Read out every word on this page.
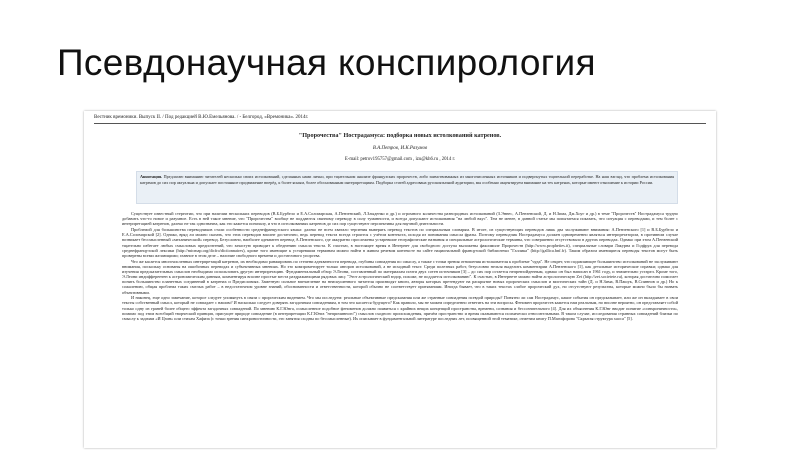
Псевдонаучная конспирология
Вестник времоники. Выпуск II. / Под редакцией В.Ю.Емельянова. / - Белгород, «Времоника». 2014г.
"Пророчества" Нострадамуса: подборка новых истолкований катренов.
В.А.Петров, И.К.Разумов
E-mail: petrov195757@gmail.com , izu@kh6.ru , 2014 г.
Аннотация. Предлагаю вниманию читателей несколько своих истолкований, сделанных нами лично, при тщательном анализе французских пророчеств, либо заимствованных из многочисленных источников и подвергнутых тщательной переработке. На наш взгляд, что проблема истолкования катренов до сих пор актуальна и допускает постоянное продвижение вперёд, к более ясным, более обоснованным интерпретациям. Подборка статей адресована русскоязычной аудитории, мы особенно акцентируем внимание на тех катренах, которые имеют отношение к истории России.

Существует известный стереотип, что при наличии нескольких переводов (В.Б.Бурбело и Е.А.Соломарская, А.Пензенский, Л.Злыденко и др.) и огромного количества разнородных истолкований (З.Эннес, А.Пензенский, Д. и Н.Зима, Дж.Хоуг и др.) в теме "Пророчеств" Нострадамуса трудно добавить что-то новое и разумное. Есть в ней такое мнение, что "Пророчества" вообще не поддаются связному переводу в силу туманности, и всегда допускают истолкования "на любой вкус". Тем не менее, в данной статье мы попытаемся показать, что ситуация с переводами, и тем более с интерпретацией катренов, далеко не так однозначна, как это кажется поначалу, и что в истолкованиях катренов до сих пор существуют перспективы для научной деятельности.

Проблемой для большинства переводчиков стали особенности среднефранцузского языка: далеко не всем хватало терпения выверять перевод текстов по специальным словарям. В итоге, из существующих переводов лишь два заслуживают внимания: А.Пензенского [1] и В.Б.Бурбело и Е.А.Соломарской [2]. Однако, вряд ли можно сказать, что этих переводов вполне достаточно, ведь перевод текста всегда строится с учётом контекста, исходя из понимания смысла фразы. Поэтому переводчик Нострадамуса должен одновременно являться интерпретатором, в противном случае возникает бессмысленный «механический» перевод. Безусловно, наиболее адекватен перевод А.Пензенского, где аккуратно прослежены устаревшие географические названия и специальные астрологические термины, что совершенно отсутствовало в других переводах. Однако при этом А.Пензенский тщательно избегает любых смысловых предпочтений, что зачастую приводит к обеднению смысла текста. К счастью, в настоящее время в Интернет для свободного доступа выложены факсимиле Пророчеств (http://www.propheties.it), специальные словари Лакурна и Годфруа для перевода среднефранцузской лексики (http://micmap.org/dicfro/dictionnaires), кроме того имеющие к устаревшим терминам можно найти в живом речевом контексте на сайте национальной французской библиотеки "Галлика" (http://gallica.bnf.fr). Таким образом имеющиеся переводы текстов могут быть проверены всеми желающими; главное в этом деле – наличие свободного времени и достаточного упорства.

Что же касается многочисленных интерпретаций катренов, их необходимо ранжировать по степени адекватности перевода, глубины совпадения по смыслу, а также с точки зрения отношения истолкователя к проблеме "чуда". Не секрет, что подавляющее большинство истолкований не заслуживают внимания, поскольку основаны на ошибочных переводах и субъективных мнениях. Но это компрометирует только авторов истолкований, а не исходный текст. Среди полезных работ, безусловно нельзя выделить комментарии А.Пензенского [1], как детальные исторические справки; однако для изучения предсказательных смыслов необходимо использовать другую интерпретацию. Фундаментальный обзор Э.Леони, составленный по материалам почти двух сотен источников [3] – до сих пор остается непревзойденным, однако он был написан в 1961 году, и значительно устарел. Кроме того, Э.Леони индифферентен к астрономическим данным, комментируя вполне простые места раздражающими рядовых лиц: "Этот астрологический вздор, похоже, не поддается истолкованию". К счастью, в Интернете можно найти астрологическую Zet (http://zet.societete.ru), которая достаточно помогает понять большинство планетных соединений в катренах и Предисловиях. Заметную сильное впечатление на неискушенного читателя производят книги, авторы которых претендуют на раскрытие новых пророческих смыслов и мистических тайн (Д. и Н.Зима, В.Пашук, В.Спиннов и др.) Но к сожалению, общая проблема таких смелых работ – в недостаточном уровне знаний, обоснованности и ответственности, которой обычно не соответствует притязаниям. Иногда бывает, что в таких текстах слабое пророческий дух, но отсутствуют результаты, которые можно было бы назвать объективными.

И наконец, еще одно замечание, которое следует упомянуть в связи с пророческим видением. Что мы исследуем: реальные объективные предсказания или же странные совпадения псевдой природы? Понятно ли сам Нострадамус, какие события он предсказывает, или же он вкладывает в свои тексты собственный смысл, который не совпадает с нашим? И насколько следует доверять загадочным совпадениям, в том что касается будущего? Как правило, мы не можем определенно ответить на эти вопросы. Феномен пророчеств кажется нам реальным, но вполне вероятно, он представляет собой только одну из граней более общего эффекта загадочных совпадений. По мнению К.Г.Юнга, осмысленное подобное феноменов должно появиться с крайних вещих концепций пространства, времени, сознания и бессознательного [4]. Для их объяснения К.Г.Юнг вводит понятие «синхроничности», помимо под этим всеобщий творческий принцип, присущее природе совпадение (в интерпретации К.Г.Юнга "непричинного") смыслов сходного происхождения, причём пространство и время оказываются психически относительными. В таком случае, исследования странных совпадений близки по смыслу к задачам «И Цзин» или стихам Хафиза (с точки зрения синхронистичности, это занятия сходны по бессмысленные). Их описывает в фундаментальной литературе последних лет, посвященной этой тематике, отметим книгу П.Магифорова "Скрытая структура хаоса" [5].
